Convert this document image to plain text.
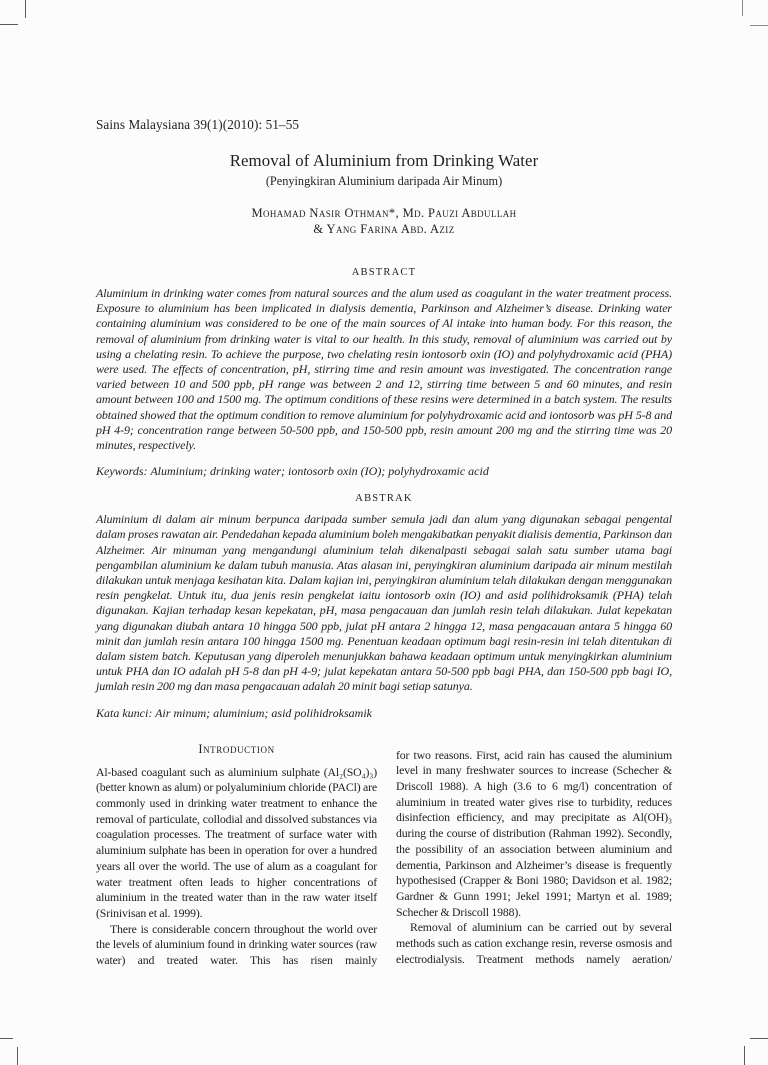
Sains Malaysiana 39(1)(2010): 51–55
Removal of Aluminium from Drinking Water
(Penyingkiran Aluminium daripada Air Minum)
Mohamad Nasir Othman*, Md. Pauzi Abdullah
& Yang Farina Abd. Aziz
ABSTRACT

Aluminium in drinking water comes from natural sources and the alum used as coagulant in the water treatment process. Exposure to aluminium has been implicated in dialysis dementia, Parkinson and Alzheimer’s disease. Drinking water containing aluminium was considered to be one of the main sources of Al intake into human body. For this reason, the removal of aluminium from drinking water is vital to our health. In this study, removal of aluminium was carried out by using a chelating resin. To achieve the purpose, two chelating resin iontosorb oxin (IO) and polyhydroxamic acid (PHA) were used. The effects of concentration, pH, stirring time and resin amount was investigated. The concentration range varied between 10 and 500 ppb, pH range was between 2 and 12, stirring time between 5 and 60 minutes, and resin amount between 100 and 1500 mg. The optimum conditions of these resins were determined in a batch system. The results obtained showed that the optimum condition to remove aluminium for polyhydroxamic acid and iontosorb was pH 5-8 and pH 4-9; concentration range between 50-500 ppb, and 150-500 ppb, resin amount 200 mg and the stirring time was 20 minutes, respectively.

Keywords: Aluminium; drinking water; iontosorb oxin (IO); polyhydroxamic acid

ABSTRAK

Aluminium di dalam air minum berpunca daripada sumber semula jadi dan alum yang digunakan sebagai pengental dalam proses rawatan air. Pendedahan kepada aluminium boleh mengakibatkan penyakit dialisis dementia, Parkinson dan Alzheimer. Air minuman yang mengandungi aluminium telah dikenalpasti sebagai salah satu sumber utama bagi pengambilan aluminium ke dalam tubuh manusia. Atas alasan ini, penyingkiran aluminium daripada air minum mestilah dilakukan untuk menjaga kesihatan kita. Dalam kajian ini, penyingkiran aluminium telah dilakukan dengan menggunakan resin pengkelat. Untuk itu, dua jenis resin pengkelat iaitu iontosorb oxin (IO) and asid polihidroksamik (PHA) telah digunakan. Kajian terhadap kesan kepekatan, pH, masa pengacauan dan jumlah resin telah dilakukan. Julat kepekatan yang digunakan diubah antara 10 hingga 500 ppb, julat pH antara 2 hingga 12, masa pengacauan antara 5 hingga 60 minit dan jumlah resin antara 100 hingga 1500 mg. Penentuan keadaan optimum bagi resin-resin ini telah ditentukan di dalam sistem batch. Keputusan yang diperoleh menunjukkan bahawa keadaan optimum untuk menyingkirkan aluminium untuk PHA dan IO adalah pH 5-8 dan pH 4-9; julat kepekatan antara 50-500 ppb bagi PHA, dan 150-500 ppb bagi IO, jumlah resin 200 mg dan masa pengacauan adalah 20 minit bagi setiap satunya.

Kata kunci: Air minum; aluminium; asid polihidroksamik

Introduction

Al-based coagulant such as aluminium sulphate (Al₂(SO₄)₃) (better known as alum) or polyaluminium chloride (PACl) are commonly used in drinking water treatment to enhance the removal of particulate, collodial and dissolved substances via coagulation processes. The treatment of surface water with aluminium sulphate has been in operation for over a hundred years all over the world. The use of alum as a coagulant for water treatment often leads to higher concentrations of aluminium in the treated water than in the raw water itself (Srinivisan et al. 1999).

There is considerable concern throughout the world over the levels of aluminium found in drinking water sources (raw water) and treated water. This has risen mainly

for two reasons. First, acid rain has caused the aluminium level in many freshwater sources to increase (Schecher & Driscoll 1988). A high (3.6 to 6 mg/l) concentration of aluminium in treated water gives rise to turbidity, reduces disinfection efficiency, and may precipitate as Al(OH)₃ during the course of distribution (Rahman 1992). Secondly, the possibility of an association between aluminium and dementia, Parkinson and Alzheimer’s disease is frequently hypothesised (Crapper & Boni 1980; Davidson et al. 1982; Gardner & Gunn 1991; Jekel 1991; Martyn et al. 1989; Schecher & Driscoll 1988).

Removal of aluminium can be carried out by several methods such as cation exchange resin, reverse osmosis and electrodialysis. Treatment methods namely aeration/
